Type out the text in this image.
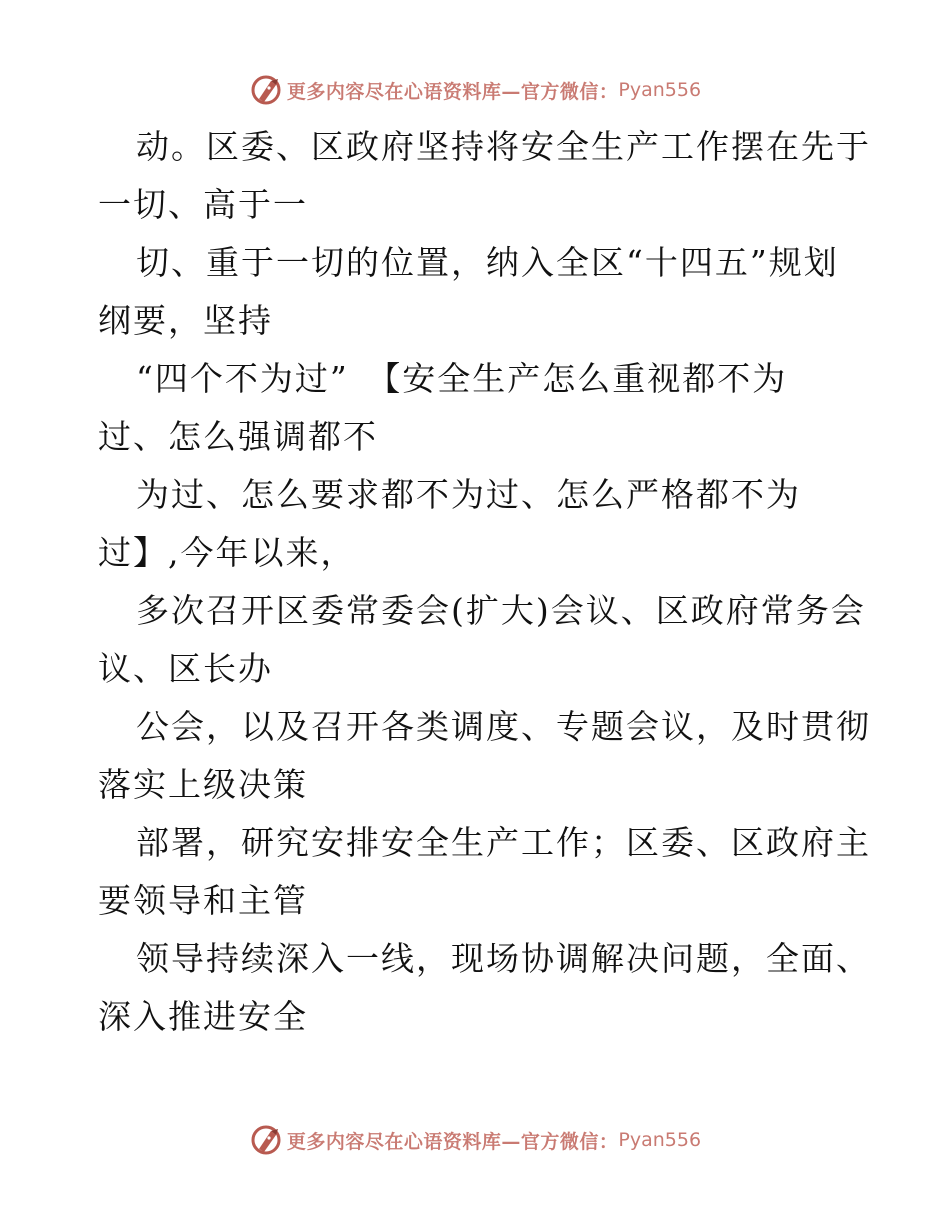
更多内容尽在心语资料库—官方微信： Pyan556
动。区委、区政府坚持将安全生产工作摆在先于
一切、高于一
切、重于一切的位置，纳入全区“十四五”规划
纲要，坚持
“四个不为过”　【安全生产怎么重视都不为
过、怎么强调都不
为过、怎么要求都不为过、怎么严格都不为
过】,今年以来，
多次召开区委常委会(扩大)会议、区政府常务会
议、区长办
公会，以及召开各类调度、专题会议，及时贯彻
落实上级决策
部署，研究安排安全生产工作；区委、区政府主
要领导和主管
领导持续深入一线，现场协调解决问题，全面、
深入推进安全
更多内容尽在心语资料库—官方微信： Pyan556
